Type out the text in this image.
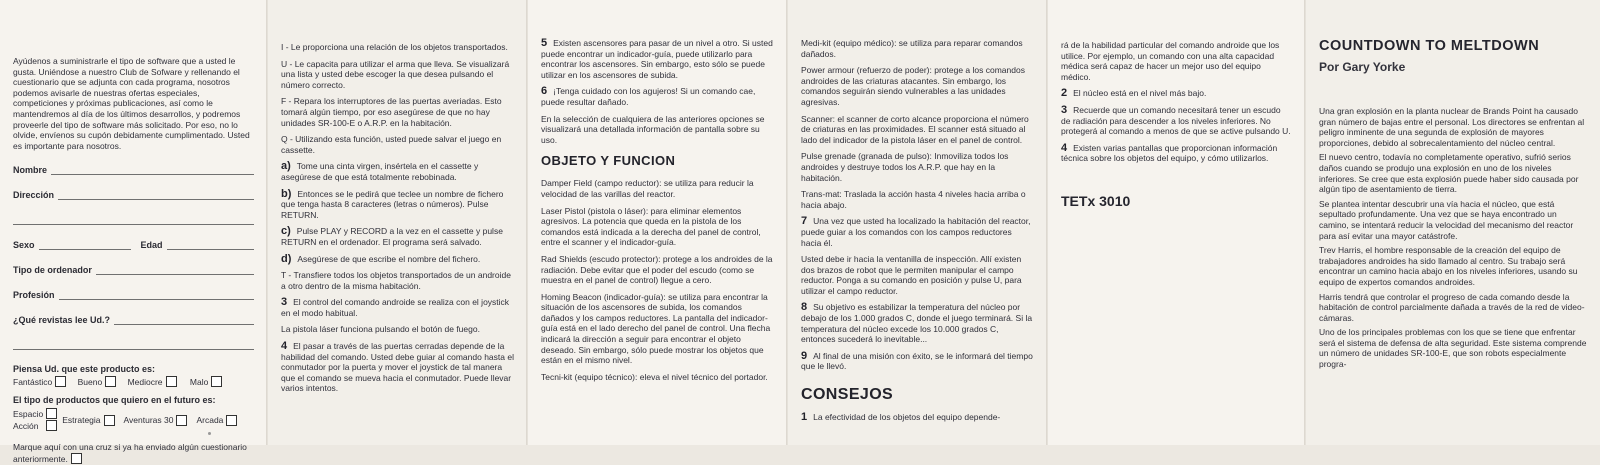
Ayúdenos a suministrarle el tipo de software que a usted le gusta. Uniéndose a nuestro Club de Sofware y rellenando el cuestionario que se adjunta con cada programa, nosotros podemos avisarle de nuestras ofertas especiales, competiciones y próximas publicaciones, así como le mantendremos al día de los últimos desarrollos, y podremos proveerle del tipo de software más solicitado. Por eso, no lo olvide, envíenos su cupón debidamente cumplimentado. Usted es importante para nosotros.

Nombre
Dirección
Sexo	Edad
Tipo de ordenador
Profesión
¿Qué revistas lee Ud.?
Piensa Ud. que este producto es:
Fantástico	Bueno	Mediocre	Malo
El tipo de productos que quiero en el futuro es:
Espacio
Acción
Estrategia	Aventuras 30	Arcada

Marque aquí con una cruz si ya ha enviado algún cuestionario anteriormente.

I - Le proporciona una relación de los objetos transportados.

U - Le capacita para utilizar el arma que lleva. Se visualizará una lista y usted debe escoger la que desea pulsando el número correcto.

F - Repara los interruptores de las puertas averiadas. Esto tomará algún tiempo, por eso asegúrese de que no hay unidades SR-100-E o A.R.P. en la habitación.

Q - Utilizando esta función, usted puede salvar el juego en cassette.

a) Tome una cinta virgen, insértela en el cassette y asegúrese de que está totalmente rebobinada.

b) Entonces se le pedirá que teclee un nombre de fichero que tenga hasta 8 caracteres (letras o números). Pulse RETURN.

c) Pulse PLAY y RECORD a la vez en el cassette y pulse RETURN en el ordenador. El programa será salvado.

d) Asegúrese de que escribe el nombre del fichero.

T - Transfiere todos los objetos transportados de un androide a otro dentro de la misma habitación.

3 El control del comando androide se realiza con el joystick en el modo habitual.

La pistola láser funciona pulsando el botón de fuego.

4 El pasar a través de las puertas cerradas depende de la habilidad del comando. Usted debe guiar al comando hasta el conmutador por la puerta y mover el joystick de tal manera que el comando se mueva hacia el conmutador. Puede llevar varios intentos.

5 Existen ascensores para pasar de un nivel a otro. Si usted puede encontrar un indicador-guía, puede utilizarlo para encontrar los ascensores. Sin embargo, esto sólo se puede utilizar en los ascensores de subida.

6 ¡Tenga cuidado con los agujeros! Si un comando cae, puede resultar dañado.

En la selección de cualquiera de las anteriores opciones se visualizará una detallada información de pantalla sobre su uso.

OBJETO Y FUNCION

Damper Field (campo reductor): se utiliza para reducir la velocidad de las varillas del reactor.

Laser Pistol (pistola o láser): para eliminar elementos agresivos. La potencia que queda en la pistola de los comandos está indicada a la derecha del panel de control, entre el scanner y el indicador-guía.

Rad Shields (escudo protector): protege a los androides de la radiación. Debe evitar que el poder del escudo (como se muestra en el panel de control) llegue a cero.

Homing Beacon (indicador-guía): se utiliza para encontrar la situación de los ascensores de subida, los comandos dañados y los campos reductores. La pantalla del indicador-guía está en el lado derecho del panel de control. Una flecha indicará la dirección a seguir para encontrar el objeto deseado. Sin embargo, sólo puede mostrar los objetos que están en el mismo nivel.

Tecni-kit (equipo técnico): eleva el nivel técnico del portador.

Medi-kit (equipo médico): se utiliza para reparar comandos dañados.

Power armour (refuerzo de poder): protege a los comandos androides de las criaturas atacantes. Sin embargo, los comandos seguirán siendo vulnerables a las unidades agresivas.

Scanner: el scanner de corto alcance proporciona el número de criaturas en las proximidades. El scanner está situado al lado del indicador de la pistola láser en el panel de control.

Pulse grenade (granada de pulso): Inmoviliza todos los androides y destruye todos los A.R.P. que hay en la habitación.

Trans-mat: Traslada la acción hasta 4 niveles hacia arriba o hacia abajo.

7 Una vez que usted ha localizado la habitación del reactor, puede guiar a los comandos con los campos reductores hacia él.

Usted debe ir hacia la ventanilla de inspección. Allí existen dos brazos de robot que le permiten manipular el campo reductor. Ponga a su comando en posición y pulse U, para utilizar el campo reductor.

8 Su objetivo es estabilizar la temperatura del núcleo por debajo de los 1.000 grados C, donde el juego terminará. Si la temperatura del núcleo excede los 10.000 grados C, entonces sucederá lo inevitable...

9 Al final de una misión con éxito, se le informará del tiempo que le llevó.

CONSEJOS

1 La efectividad de los objetos del equipo depende-

rá de la habilidad particular del comando androide que los utilice. Por ejemplo, un comando con una alta capacidad médica será capaz de hacer un mejor uso del equipo médico.

2 El núcleo está en el nivel más bajo.

3 Recuerde que un comando necesitará tener un escudo de radiación para descender a los niveles inferiores. No protegerá al comando a menos de que se active pulsando U.

4 Existen varias pantallas que proporcionan información técnica sobre los objetos del equipo, y cómo utilizarlos.

TETx 3010
COUNTDOWN TO MELTDOWN
Por Gary Yorke

Una gran explosión en la planta nuclear de Brands Point ha causado gran número de bajas entre el personal. Los directores se enfrentan al peligro inminente de una segunda de explosión de mayores proporciones, debido al sobrecalentamiento del núcleo central.

El nuevo centro, todavía no completamente operativo, sufrió serios daños cuando se produjo una explosión en uno de los niveles inferiores. Se cree que esta explosión puede haber sido causada por algún tipo de asentamiento de tierra.

Se plantea intentar descubrir una vía hacia el núcleo, que está sepultado profundamente. Una vez que se haya encontrado un camino, se intentará reducir la velocidad del mecanismo del reactor para así evitar una mayor catástrofe.

Trev Harris, el hombre responsable de la creación del equipo de trabajadores androides ha sido llamado al centro. Su trabajo será encontrar un camino hacia abajo en los niveles inferiores, usando su equipo de expertos comandos androides.

Harris tendrá que controlar el progreso de cada comando desde la habitación de control parcialmente dañada a través de la red de video-cámaras.

Uno de los principales problemas con los que se tiene que enfrentar será el sistema de defensa de alta seguridad. Este sistema comprende un número de unidades SR-100-E, que son robots especialmente progra-
